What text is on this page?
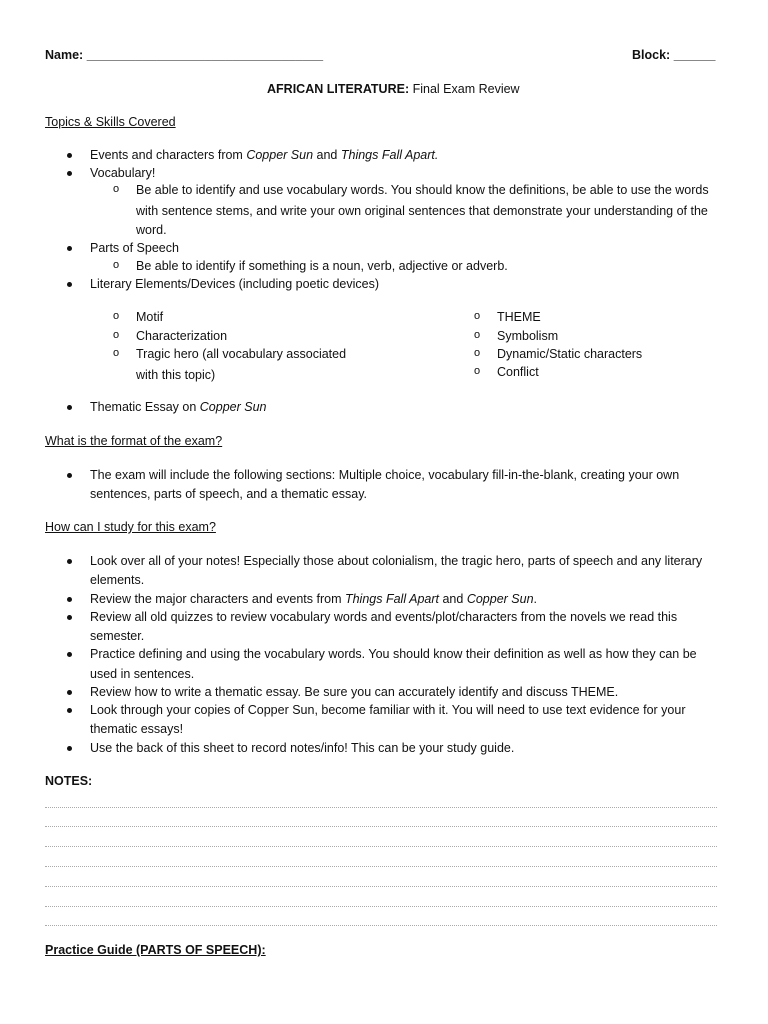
Name: __________________________________	Block: ______
AFRICAN LITERATURE: Final Exam Review
Topics & Skills Covered
Events and characters from Copper Sun and Things Fall Apart.
Vocabulary!
o Be able to identify and use vocabulary words. You should know the definitions, be able to use the words
with sentence stems, and write your own original sentences that demonstrate your understanding of the
word.
Parts of Speech
o Be able to identify if something is a noun, verb, adjective or adverb.
Literary Elements/Devices (including poetic devices)
o Motif
o Characterization
o Tragic hero (all vocabulary associated
with this topic)
o THEME
o Symbolism
o Dynamic/Static characters
o Conflict
Thematic Essay on Copper Sun
What is the format of the exam?
The exam will include the following sections: Multiple choice, vocabulary fill-in-the-blank, creating your own
sentences, parts of speech, and a thematic essay.
How can I study for this exam?
Look over all of your notes! Especially those about colonialism, the tragic hero, parts of speech and any literary
elements.
Review the major characters and events from Things Fall Apart and Copper Sun.
Review all old quizzes to review vocabulary words and events/plot/characters from the novels we read this
semester.
Practice defining and using the vocabulary words. You should know their definition as well as how they can be
used in sentences.
Review how to write a thematic essay. Be sure you can accurately identify and discuss THEME.
Look through your copies of Copper Sun, become familiar with it. You will need to use text evidence for your
thematic essays!
Use the back of this sheet to record notes/info! This can be your study guide.
NOTES:
Practice Guide (PARTS OF SPEECH):
